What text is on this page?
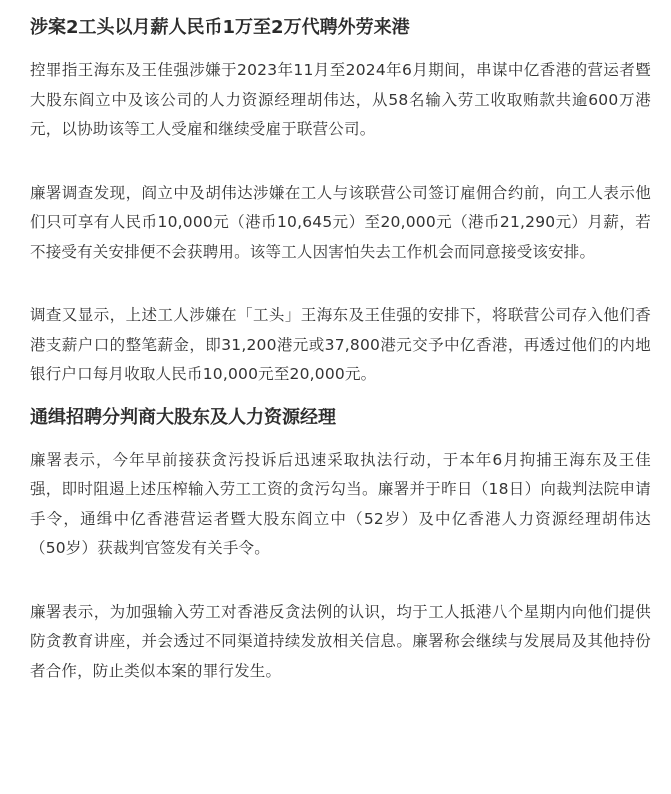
涉案2工头以月薪人民币1万至2万代聘外劳来港

控罪指王海东及王佳强涉嫌于2023年11月至2024年6月期间，串谋中亿香港的营运者暨大股东阎立中及该公司的人力资源经理胡伟达，从58名输入劳工收取贿款共逾600万港元，以协助该等工人受雇和继续受雇于联营公司。

廉署调查发现，阎立中及胡伟达涉嫌在工人与该联营公司签订雇佣合约前，向工人表示他们只可享有人民币10,000元（港币10,645元）至20,000元（港币21,290元）月薪，若不接受有关安排便不会获聘用。该等工人因害怕失去工作机会而同意接受该安排。

调查又显示，上述工人涉嫌在「工头」王海东及王佳强的安排下，将联营公司存入他们香港支薪户口的整笔薪金，即31,200港元或37,800港元交予中亿香港，再透过他们的内地银行户口每月收取人民币10,000元至20,000元。

通缉招聘分判商大股东及人力资源经理

廉署表示，今年早前接获贪污投诉后迅速采取执法行动，于本年6月拘捕王海东及王佳强，即时阻遏上述压榨输入劳工工资的贪污勾当。廉署并于昨日（18日）向裁判法院申请手令，通缉中亿香港营运者暨大股东阎立中（52岁）及中亿香港人力资源经理胡伟达（50岁）获裁判官签发有关手令。

廉署表示，为加强输入劳工对香港反贪法例的认识，均于工人抵港八个星期内向他们提供防贪教育讲座，并会透过不同渠道持续发放相关信息。廉署称会继续与发展局及其他持份者合作，防止类似本案的罪行发生。
